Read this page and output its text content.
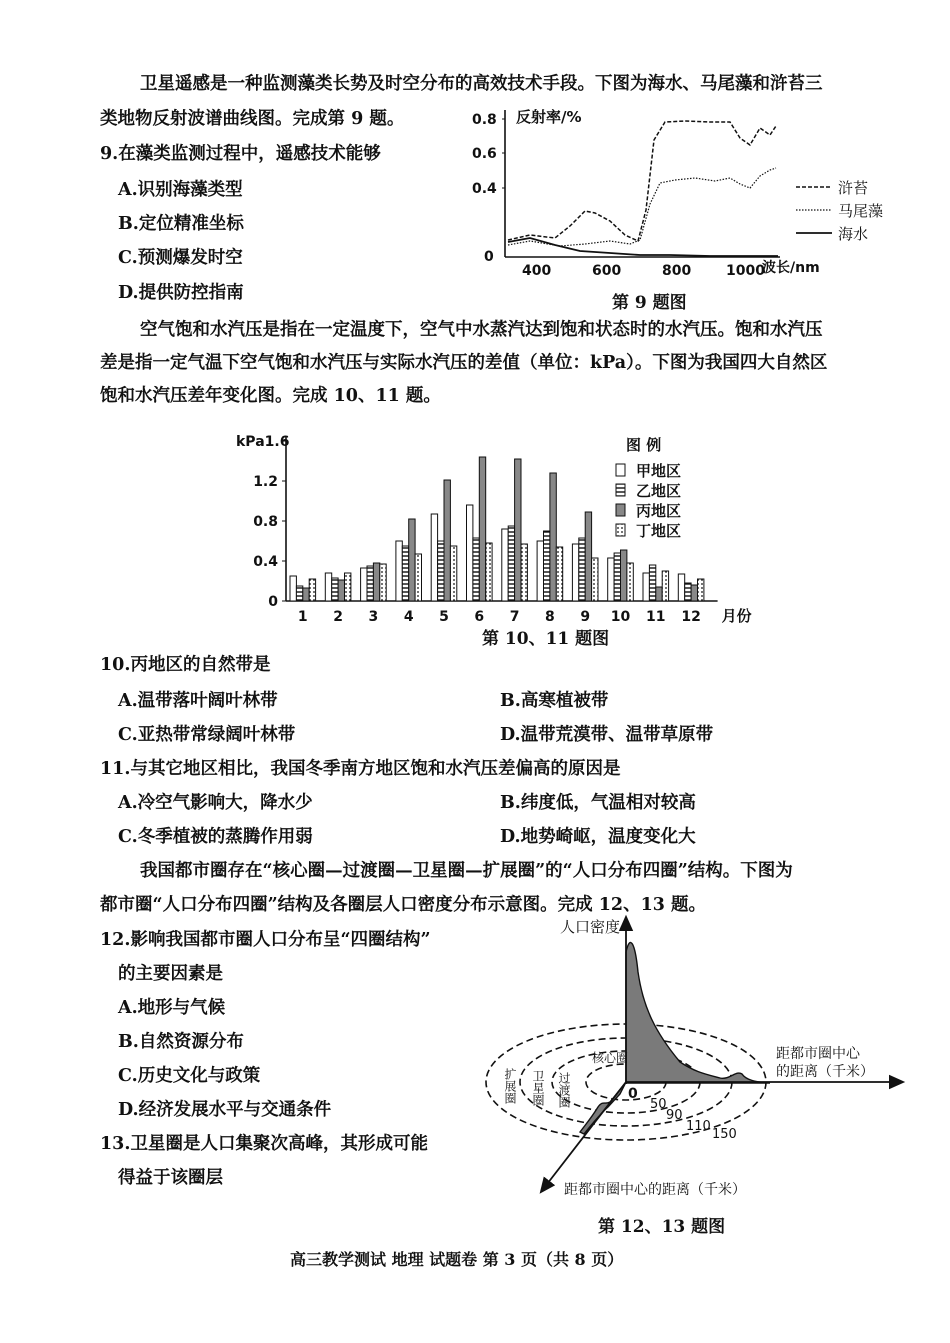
卫星遥感是一种监测藻类长势及时空分布的高效技术手段。下图为海水、马尾藻和浒苔三
类地物反射波谱曲线图。完成第 9 题。
9.在藻类监测过程中，遥感技术能够
A.识别海藻类型
B.定位精准坐标
C.预测爆发时空
D.提供防控指南
反射率/%
0.8
0.6
0.4
0
400	600	800 1000
波长/nm
浒苔
马尾藻
海水
第 9 题图
空气饱和水汽压是指在一定温度下，空气中水蒸汽达到饱和状态时的水汽压。饱和水汽压
差是指一定气温下空气饱和水汽压与实际水汽压的差值（单位：kPa）。下图为我国四大自然区
饱和水汽压差年变化图。完成 10、11 题。
0
0.4
0.8
1.2
kPa1.6
1 2 3 4 5 6 7 8 9 10 11 12 月份
图 例
甲地区
乙地区
丙地区
丁地区
第 10、11 题图
10.丙地区的自然带是
A.温带落叶阔叶林带	B.高寒植被带
C.亚热带常绿阔叶林带	D.温带荒漠带、温带草原带
11.与其它地区相比，我国冬季南方地区饱和水汽压差偏高的原因是
A.冷空气影响大，降水少	B.纬度低，气温相对较高
C.冬季植被的蒸腾作用弱	D.地势崎岖，温度变化大
我国都市圈存在“核心圈—过渡圈—卫星圈—扩展圈”的“人口分布四圈”结构。下图为
都市圈“人口分布四圈”结构及各圈层人口密度分布示意图。完成 12、13 题。
12.影响我国都市圈人口分布呈“四圈结构”
的主要因素是
A.地形与气候
B.自然资源分布
C.历史文化与政策
D.经济发展水平与交通条件
13.卫星圈是人口集聚次高峰，其形成可能
得益于该圈层
人口密度
距都市圈中心
的距离（千米）
距都市圈中心的距离（千米）
0
50
90
110
150
核心圈
过渡圈
卫星圈
扩展圈
第 12、13 题图
高三教学测试 地理 试题卷 第 3 页（共 8 页）
